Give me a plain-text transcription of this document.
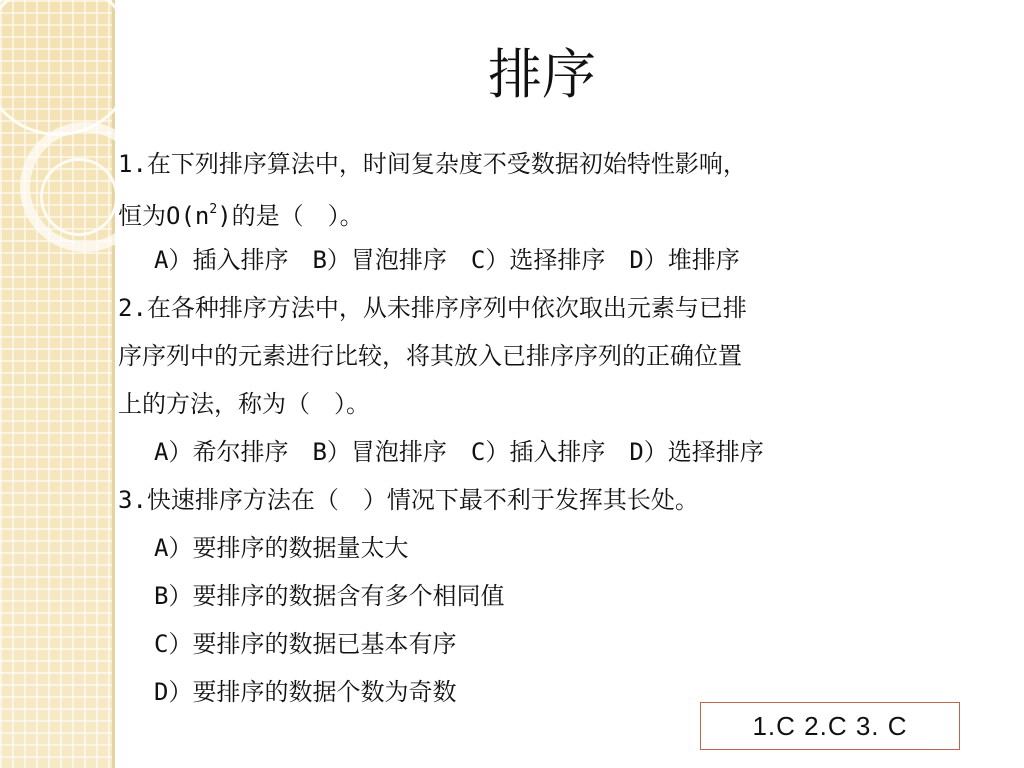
排序
1.在下列排序算法中，时间复杂度不受数据初始特性影响，
恒为$O(n^2)$的是（　）。
A）插入排序　B）冒泡排序　C）选择排序　D）堆排序
2.在各种排序方法中，从未排序序列中依次取出元素与已排
序序列中的元素进行比较，将其放入已排序序列的正确位置
上的方法，称为（　）。
A）希尔排序　B）冒泡排序　C）插入排序　D）选择排序
3.快速排序方法在（　）情况下最不利于发挥其长处。
A）要排序的数据量太大
B）要排序的数据含有多个相同值
C）要排序的数据已基本有序
D）要排序的数据个数为奇数
1.C 2.C 3. C
